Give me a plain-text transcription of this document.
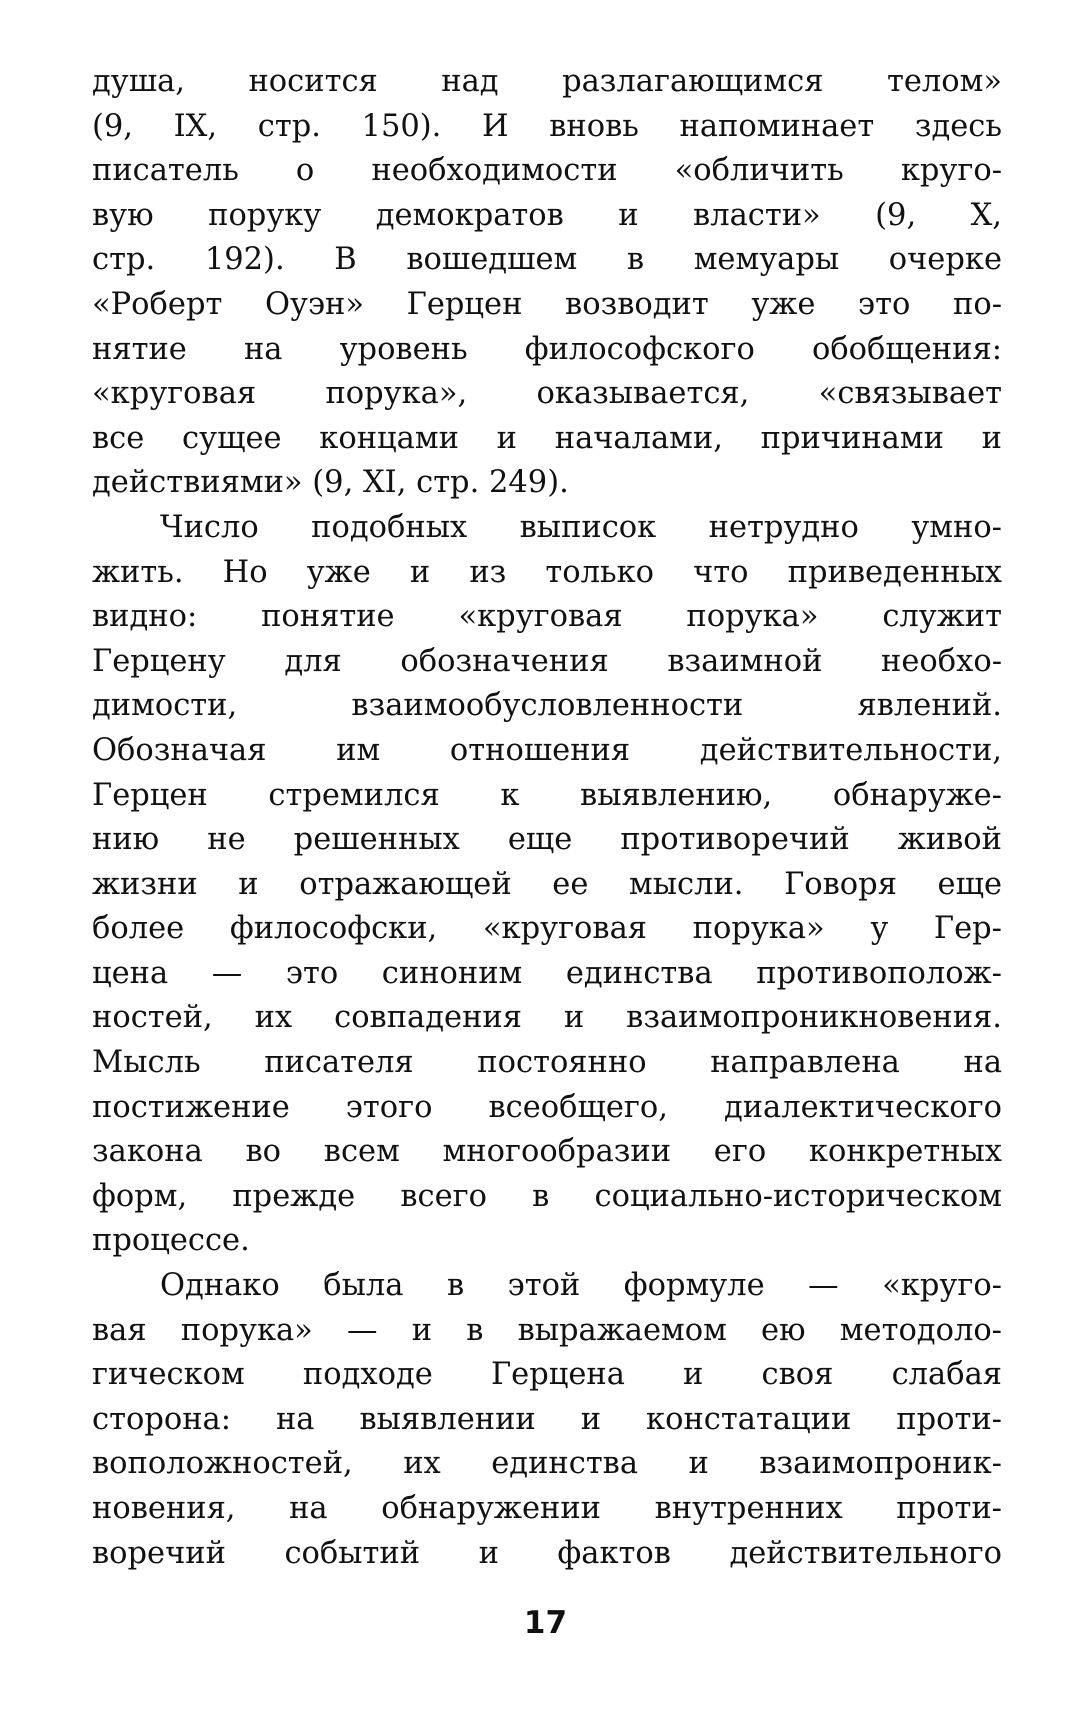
душа, носится над разлагающимся телом»
(9, IX, стр. 150). И вновь напоминает здесь
писатель о необходимости «обличить круго-
вую поруку демократов и власти» (9, X,
стр. 192). В вошедшем в мемуары очерке
«Роберт Оуэн» Герцен возводит уже это по-
нятие на уровень философского обобщения:
«круговая порука», оказывается, «связывает
все сущее концами и началами, причинами и
действиями» (9, XI, стр. 249).
Число подобных выписок нетрудно умно-
жить. Но уже и из только что приведенных
видно: понятие «круговая порука» служит
Герцену для обозначения взаимной необхо-
димости, взаимообусловленности явлений.
Обозначая им отношения действительности,
Герцен стремился к выявлению, обнаруже-
нию не решенных еще противоречий живой
жизни и отражающей ее мысли. Говоря еще
более философски, «круговая порука» у Гер-
цена — это синоним единства противополож-
ностей, их совпадения и взаимопроникновения.
Мысль писателя постоянно направлена на
постижение этого всеобщего, диалектического
закона во всем многообразии его конкретных
форм, прежде всего в социально-историческом
процессе.
Однако была в этой формуле — «круго-
вая порука» — и в выражаемом ею методоло-
гическом подходе Герцена и своя слабая
сторона: на выявлении и констатации проти-
воположностей, их единства и взаимопроник-
новения, на обнаружении внутренних проти-
воречий событий и фактов действительного
17
